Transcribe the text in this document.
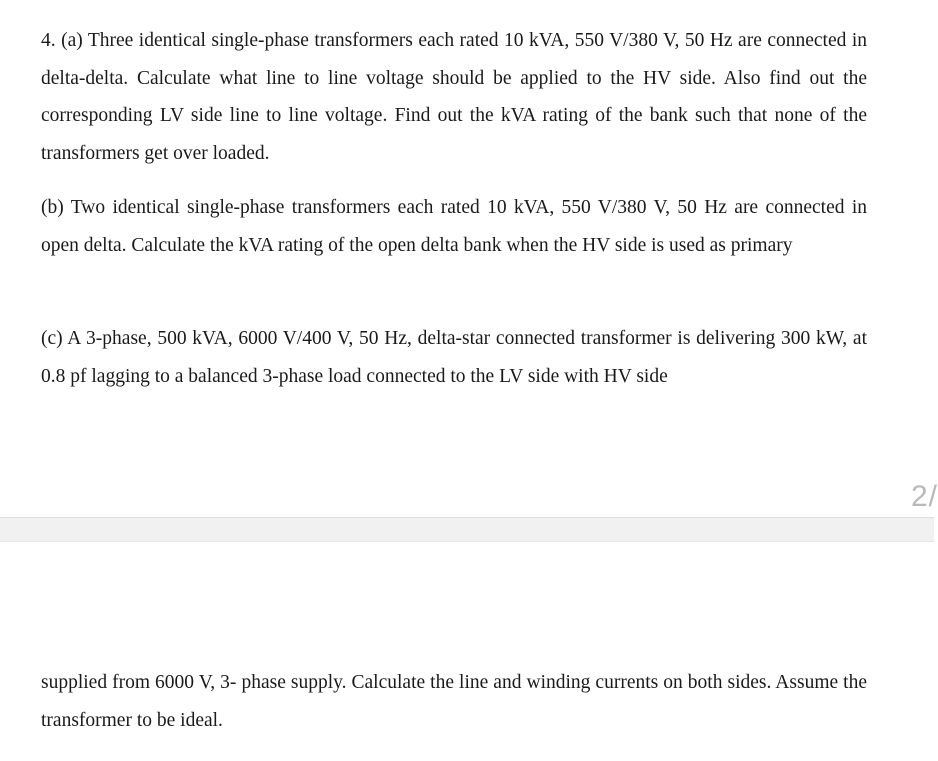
4. (a) Three identical single-phase transformers each rated 10 kVA, 550 V/380 V, 50 Hz are connected in delta-delta. Calculate what line to line voltage should be applied to the HV side. Also find out the corresponding LV side line to line voltage. Find out the kVA rating of the bank such that none of the transformers get over loaded.

(b) Two identical single-phase transformers each rated 10 kVA, 550 V/380 V, 50 Hz are connected in open delta. Calculate the kVA rating of the open delta bank when the HV side is used as primary

(c) A 3-phase, 500 kVA, 6000 V/400 V, 50 Hz, delta-star connected transformer is delivering 300 kW, at 0.8 pf lagging to a balanced 3-phase load connected to the LV side with HV side

2/

supplied from 6000 V, 3- phase supply. Calculate the line and winding currents on both sides. Assume the transformer to be ideal.
